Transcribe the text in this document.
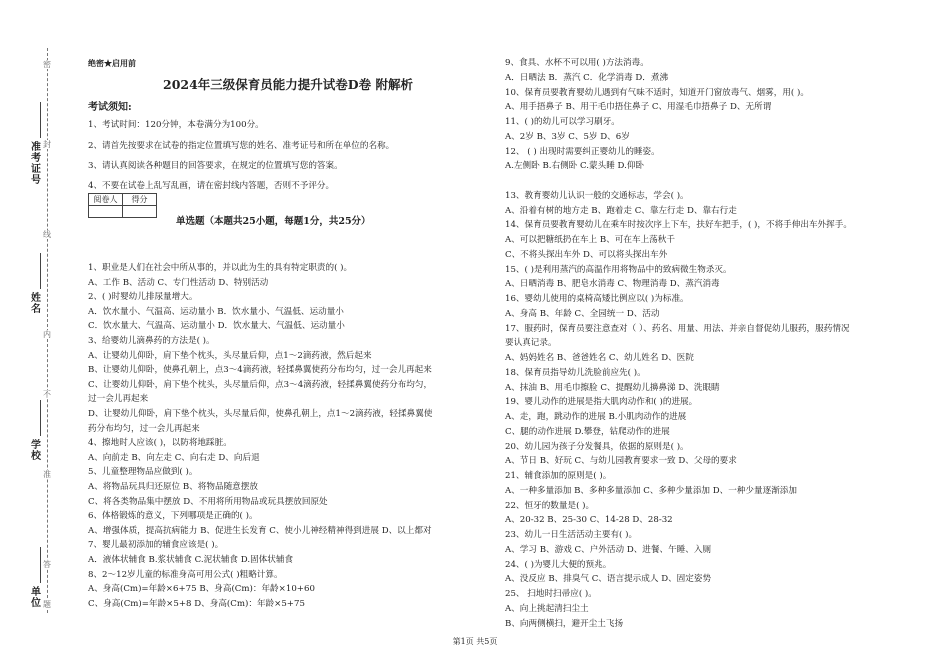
准考证号
姓名
学校
单位
密
封
线
内
不
准
答
题
绝密★启用前
2024年三级保育员能力提升试卷D卷 附解析
考试须知:
1、考试时间：120分钟，本卷满分为100分。
2、请首先按要求在试卷的指定位置填写您的姓名、准考证号和所在单位的名称。
3、请认真阅读各种题目的回答要求，在规定的位置填写您的答案。
4、不要在试卷上乱写乱画，请在密封线内答题，否则不予评分。
阅卷人	得分

单选题（本题共25小题，每题1分，共25分）
1、职业是人们在社会中所从事的，并以此为生的具有特定职责的( )。
A、工作 B、活动 C、专门性活动 D、特别活动
2、( )时婴幼儿排尿量增大。
A．饮水量小、气温高、运动量小 B．饮水量小、气温低、运动量小
C．饮水量大、气温高、运动量小 D．饮水量大、气温低、运动量小
3、给婴幼儿滴鼻药的方法是( )。
A、让婴幼儿仰卧，肩下垫个枕头，头尽量后仰，点1～2滴药液，然后起来
B、让婴幼儿仰卧，使鼻孔朝上，点3～4滴药液，轻揉鼻翼使药分布均匀，过一会儿再起来
C、让婴幼儿仰卧，肩下垫个枕头，头尽量后仰，点3～4滴药液，轻揉鼻翼使药分布均匀，
过一会儿再起来
D、让婴幼儿仰卧，肩下垫个枕头，头尽量后仰，使鼻孔朝上，点1～2滴药液，轻揉鼻翼使
药分布均匀，过一会儿再起来
4、擦地时人应该( )，以防将地踩脏。
A、向前走 B、向左走 C、向右走 D、向后退
5、儿童整理物品应做到( )。
A、将物品玩具归还原位 B、将物品随意摆放
C、将各类物品集中摆放 D、不用将所用物品或玩具摆放回原处
6、体格锻炼的意义，下列哪项是正确的( )。
A、增强体质，提高抗病能力 B、促进生长发育 C、使小儿神经精神得到进展 D、以上都对
7、婴儿最初添加的辅食应该是( )。
A．液体状辅食 B.浆状辅食 C.泥状辅食 D.固体状辅食
8、2～12岁儿童的标准身高可用公式( )粗略计算。
A、身高(Cm)=年龄×6+75 B、身高(Cm)：年龄×10+60
C、身高(Cm)=年龄×5+8 D、身高(Cm)：年龄×5+75
9、食具、水杯不可以用( )方法消毒。
A．日晒法 B．蒸汽 C．化学消毒 D．煮沸
10、保育员要教育婴幼儿遇到有气味不适时，知道开门窗放毒气、烟雾，用( )。
A、用手捂鼻子 B、用干毛巾捂住鼻子 C、用湿毛巾捂鼻子 D、无所谓
11、( )的幼儿可以学习刷牙。
A、2岁 B、3岁 C、5岁 D、6岁
12、 ( ) 出现时需要纠正婴幼儿的睡姿。
A.左侧卧 B.右侧卧 C.蒙头睡 D.仰卧
13、教育婴幼儿认识一般的交通标志，学会( )。
A、沿着有树的地方走 B、跑着走 C、靠左行走 D、靠右行走
14、保育员要教育婴幼儿在乘车时按次序上下车，扶好车把手，( )，不将手伸出车外挥手。
A、可以把糖纸扔在车上 B、可在车上荡秋千
C、不将头探出车外 D、可以将头探出车外
15、( )是利用蒸汽的高温作用将物品中的致病微生物杀灭。
A、日晒消毒 B、肥皂水消毒 C、物理消毒 D、蒸汽消毒
16、婴幼儿使用的桌椅高矮比例应以( )为标准。
A、身高 B、年龄 C、全园统一 D、活动
17、服药时，保育员要注意查对（ ）、药名、用量、用法、并亲自督促幼儿服药，服药情况
要认真记录。
A、妈妈姓名 B、爸爸姓名 C、幼儿姓名 D、医院
18、保育员指导幼儿洗脸前应先( )。
A、抹油 B、用毛巾擦脸 C、提醒幼儿擤鼻涕 D、洗眼睛
19、婴儿动作的进展是指大肌肉动作和( )的进展。
A、走，跑，跳动作的进展 B.小肌肉动作的进展
C、腿的动作进展 D.攀登，钻爬动作的进展
20、幼儿园为孩子分发餐具，依据的原则是( )。
A、节日 B、好玩 C、与幼儿园教育要求一致 D、父母的要求
21、辅食添加的原则是( )。
A、一种多量添加 B、多种多量添加 C、多种少量添加 D、一种少量逐渐添加
22、恒牙的数量是( )。
A、20-32 B、25-30 C、14-28 D、28-32
23、幼儿一日生活活动主要有( )。
A、学习 B、游戏 C、户外活动 D、进餐、午睡、入厕
24、( )为婴儿大便的预兆。
A、没反应 B、排臭气 C、语言提示成人 D、固定姿势
25、 扫地时扫帚应( )。
A、向上挑起清扫尘土
B、向两侧横扫，避开尘土飞扬
第1页 共5页
